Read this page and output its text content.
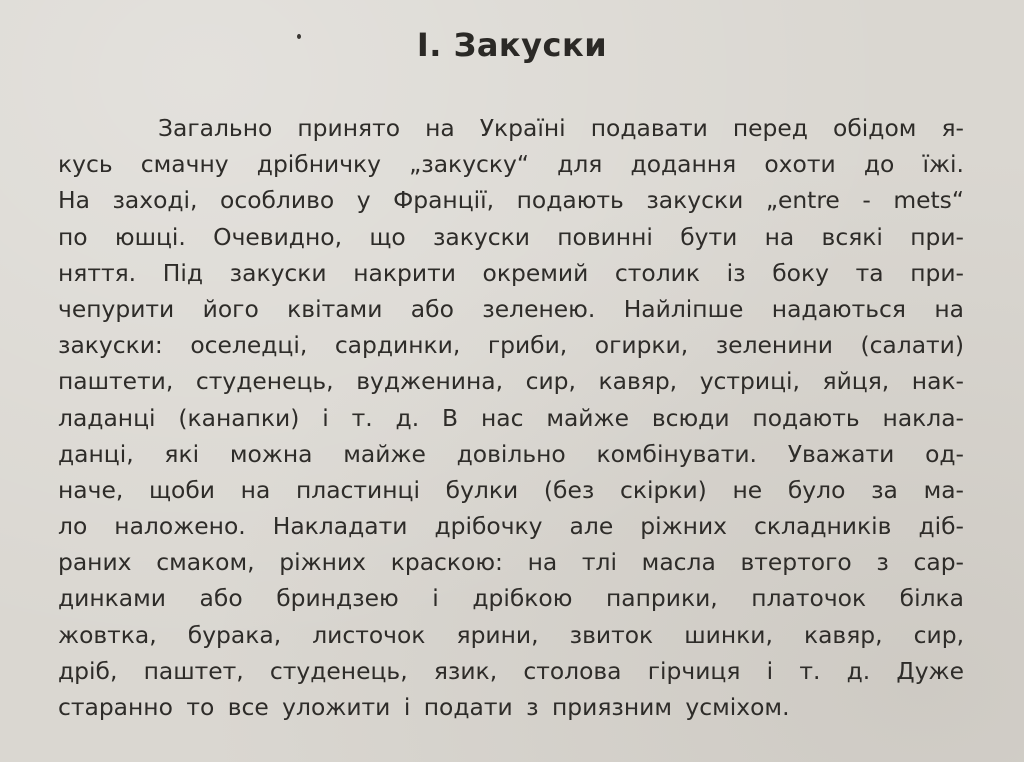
І. Закуски
Загально принято на Україні подавати перед обідом я-
кусь смачну дрібничку „закуску“ для додання охоти до їжі.
На заході, особливо у Франції, подають закуски „entre - mets“
по юшці. Очевидно, що закуски повинні бути на всякі при-
няття. Під закуски накрити окремий столик із боку та при-
чепурити його квітами або зеленею. Найліпше надаються на
закуски: оселедці, сардинки, гриби, огирки, зеленини (салати)
паштети, студенець, вудженина, сир, кавяр, устриці, яйця, нак-
ладанці (канапки) і т. д. В нас майже всюди подають накла-
данці, які можна майже довільно комбінувати. Уважати од-
наче, щоби на пластинці булки (без скірки) не було за ма-
ло наложено. Накладати дрібочку але ріжних складників діб-
раних смаком, ріжних краскою: на тлі масла втертого з сар-
динками або бриндзею і дрібкою паприки, платочок білка
жовтка, бурака, листочок ярини, звиток шинки, кавяр, сир,
дріб, паштет, студенець, язик, столова гірчиця і т. д. Дуже
старанно то все уложити і подати з приязним усміхом.
